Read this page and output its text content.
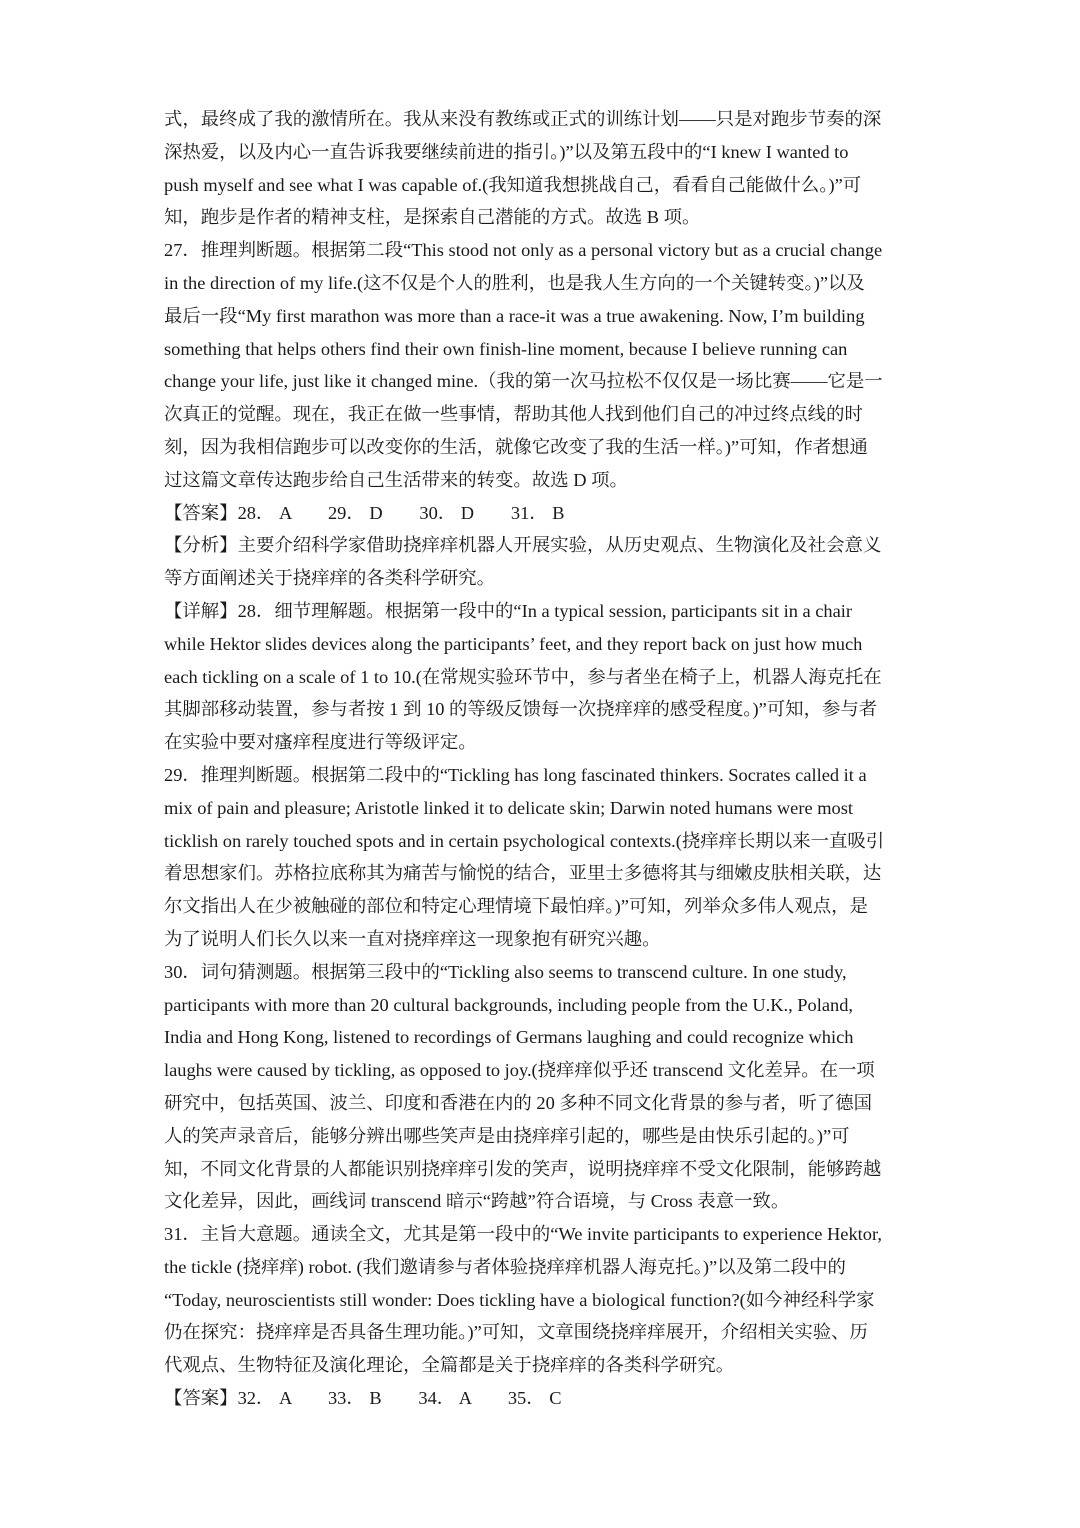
式，最终成了我的激情所在。我从来没有教练或正式的训练计划——只是对跑步节奏的深
深热爱，以及内心一直告诉我要继续前进的指引。)”以及第五段中的“I knew I wanted to
push myself and see what I was capable of.(我知道我想挑战自己，看看自己能做什么。)”可
知，跑步是作者的精神支柱，是探索自己潜能的方式。故选 B 项。
27．推理判断题。根据第二段“This stood not only as a personal victory but as a crucial change
in the direction of my life.(这不仅是个人的胜利，也是我人生方向的一个关键转变。)”以及
最后一段“My first marathon was more than a race-it was a true awakening. Now, I’m building
something that helps others find their own finish-line moment, because I believe running can
change your life, just like it changed mine.（我的第一次马拉松不仅仅是一场比赛——它是一
次真正的觉醒。现在，我正在做一些事情，帮助其他人找到他们自己的冲过终点线的时
刻，因为我相信跑步可以改变你的生活，就像它改变了我的生活一样。)”可知，作者想通
过这篇文章传达跑步给自己生活带来的转变。故选 D 项。
【答案】28． A　　29． D　　30． D　　31． B
【分析】主要介绍科学家借助挠痒痒机器人开展实验，从历史观点、生物演化及社会意义
等方面阐述关于挠痒痒的各类科学研究。
【详解】28．细节理解题。根据第一段中的“In a typical session, participants sit in a chair
while Hektor slides devices along the participants’ feet, and they report back on just how much
each tickling on a scale of 1 to 10.(在常规实验环节中，参与者坐在椅子上，机器人海克托在
其脚部移动装置，参与者按 1 到 10 的等级反馈每一次挠痒痒的感受程度。)”可知，参与者
在实验中要对瘙痒程度进行等级评定。
29．推理判断题。根据第二段中的“Tickling has long fascinated thinkers. Socrates called it a
mix of pain and pleasure; Aristotle linked it to delicate skin; Darwin noted humans were most
ticklish on rarely touched spots and in certain psychological contexts.(挠痒痒长期以来一直吸引
着思想家们。苏格拉底称其为痛苦与愉悦的结合，亚里士多德将其与细嫩皮肤相关联，达
尔文指出人在少被触碰的部位和特定心理情境下最怕痒。)”可知，列举众多伟人观点，是
为了说明人们长久以来一直对挠痒痒这一现象抱有研究兴趣。
30．词句猜测题。根据第三段中的“Tickling also seems to transcend culture. In one study,
participants with more than 20 cultural backgrounds, including people from the U.K., Poland,
India and Hong Kong, listened to recordings of Germans laughing and could recognize which
laughs were caused by tickling, as opposed to joy.(挠痒痒似乎还 transcend 文化差异。在一项
研究中，包括英国、波兰、印度和香港在内的 20 多种不同文化背景的参与者，听了德国
人的笑声录音后，能够分辨出哪些笑声是由挠痒痒引起的，哪些是由快乐引起的。)”可
知，不同文化背景的人都能识别挠痒痒引发的笑声，说明挠痒痒不受文化限制，能够跨越
文化差异，因此，画线词 transcend 暗示“跨越”符合语境，与 Cross 表意一致。
31．主旨大意题。通读全文，尤其是第一段中的“We invite participants to experience Hektor,
the tickle (挠痒痒) robot. (我们邀请参与者体验挠痒痒机器人海克托。)”以及第二段中的
“Today, neuroscientists still wonder: Does tickling have a biological function?(如今神经科学家
仍在探究：挠痒痒是否具备生理功能。)”可知，文章围绕挠痒痒展开，介绍相关实验、历
代观点、生物特征及演化理论，全篇都是关于挠痒痒的各类科学研究。
【答案】32． A　　33． B　　34． A　　35． C
